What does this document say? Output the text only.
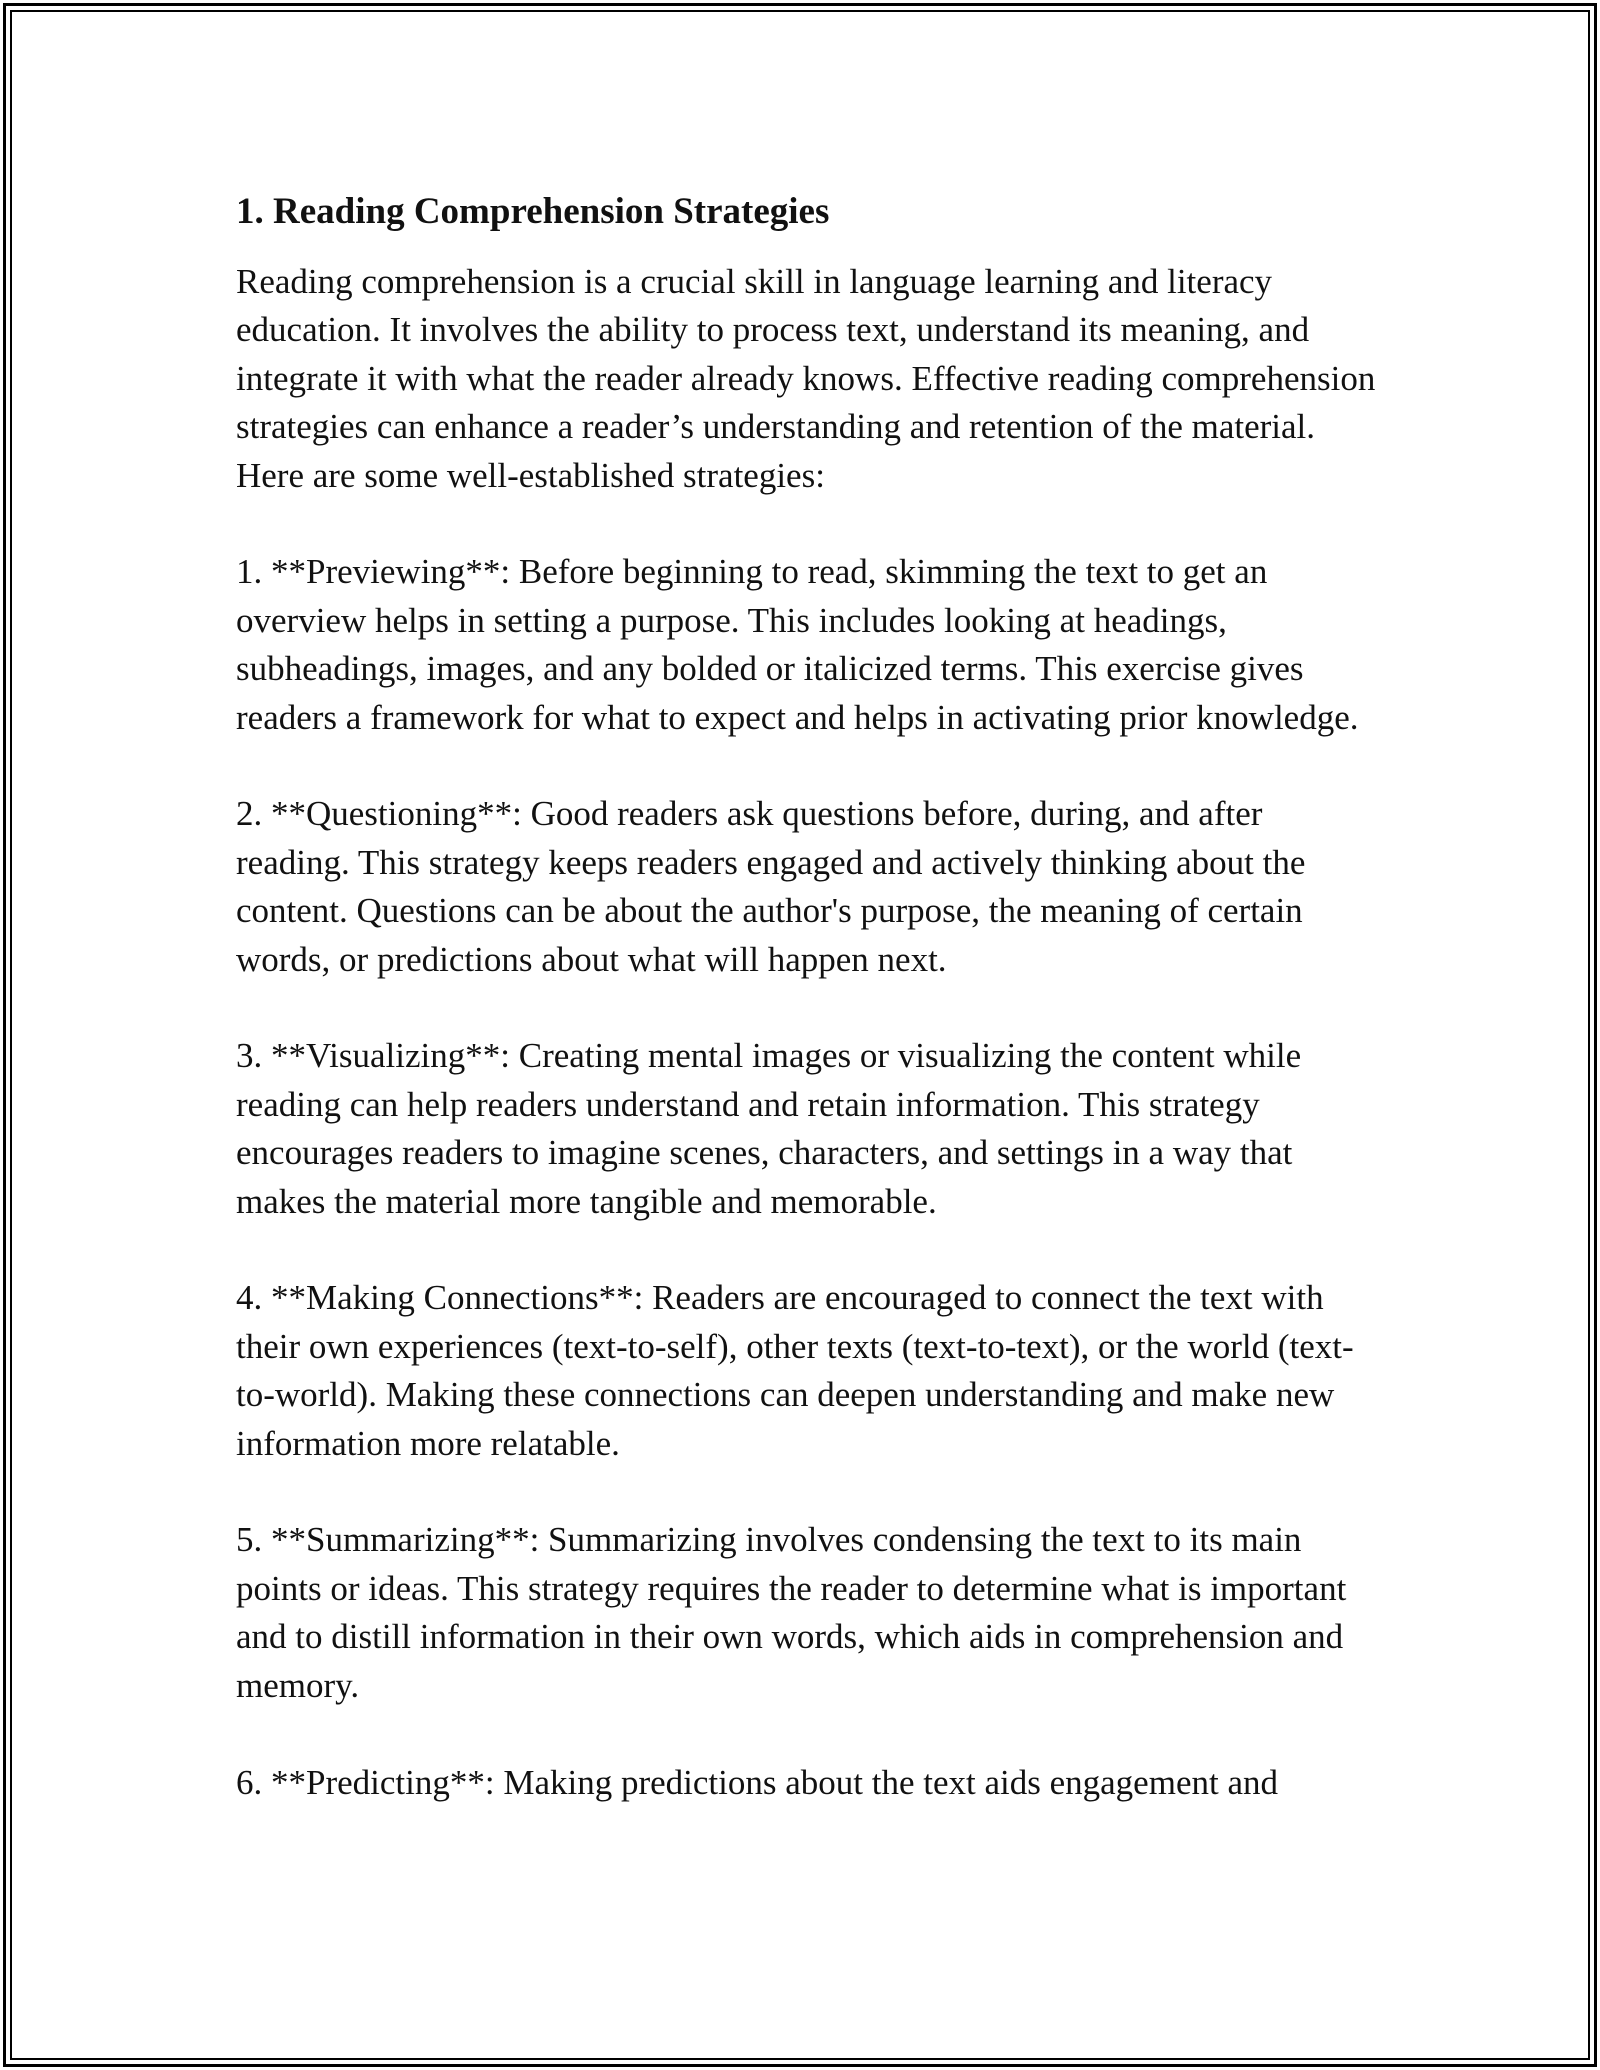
1. Reading Comprehension Strategies

Reading comprehension is a crucial skill in language learning and literacy education. It involves the ability to process text, understand its meaning, and integrate it with what the reader already knows. Effective reading comprehension strategies can enhance a reader’s understanding and retention of the material. Here are some well-established strategies:

1. **Previewing**: Before beginning to read, skimming the text to get an overview helps in setting a purpose. This includes looking at headings, subheadings, images, and any bolded or italicized terms. This exercise gives readers a framework for what to expect and helps in activating prior knowledge.

2. **Questioning**: Good readers ask questions before, during, and after reading. This strategy keeps readers engaged and actively thinking about the content. Questions can be about the author's purpose, the meaning of certain words, or predictions about what will happen next.

3. **Visualizing**: Creating mental images or visualizing the content while reading can help readers understand and retain information. This strategy encourages readers to imagine scenes, characters, and settings in a way that makes the material more tangible and memorable.

4. **Making Connections**: Readers are encouraged to connect the text with their own experiences (text-to-self), other texts (text-to-text), or the world (text-to-world). Making these connections can deepen understanding and make new information more relatable.

5. **Summarizing**: Summarizing involves condensing the text to its main points or ideas. This strategy requires the reader to determine what is important and to distill information in their own words, which aids in comprehension and memory.

6. **Predicting**: Making predictions about the text aids engagement and
